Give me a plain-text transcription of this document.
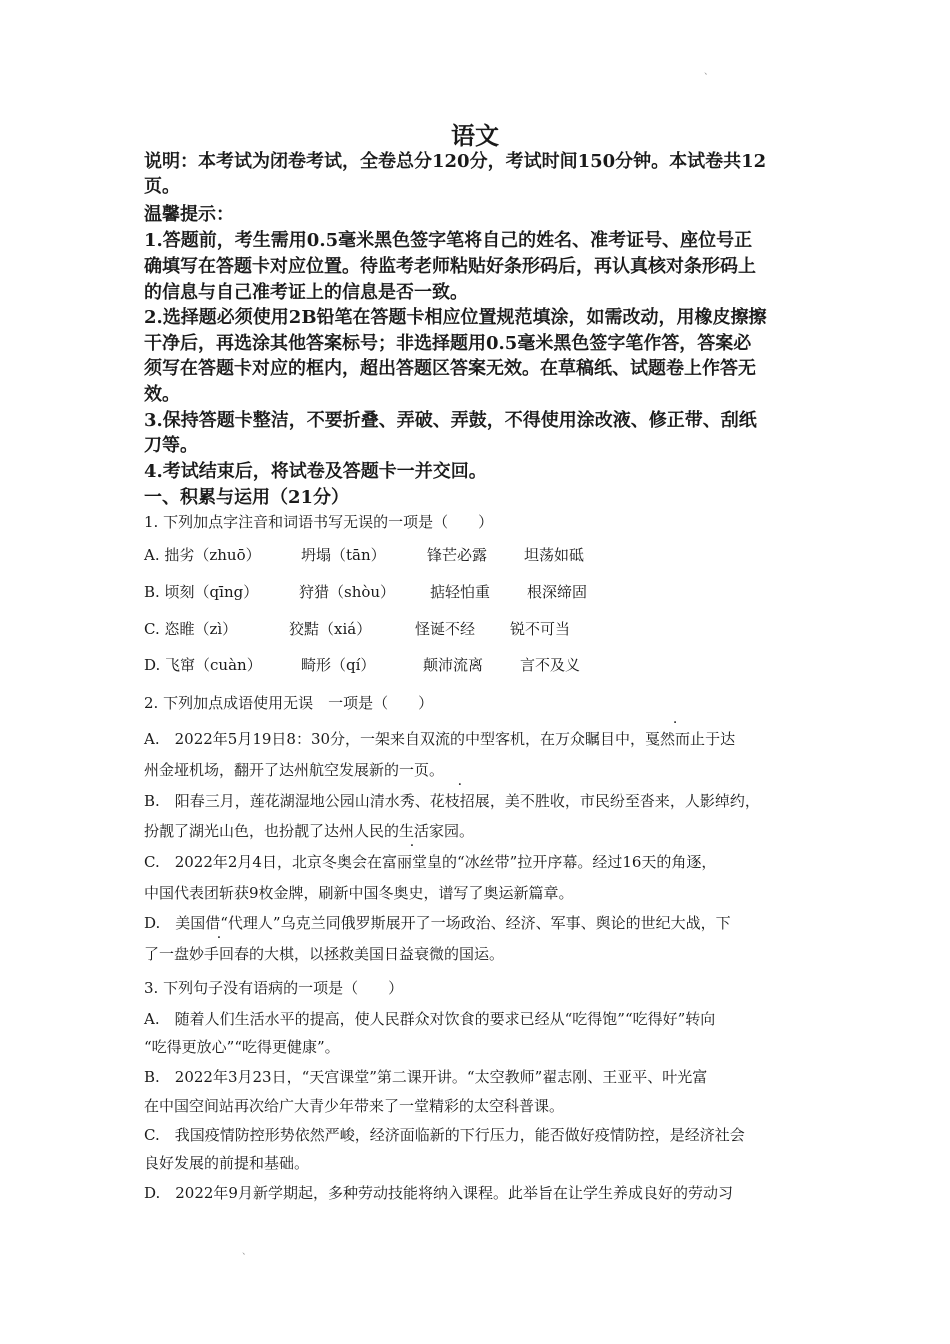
、
语文
说明：本考试为闭卷考试，全卷总分120分，考试时间150分钟。本试卷共12
页。
温馨提示：
1.答题前，考生需用0.5毫米黑色签字笔将自己的姓名、准考证号、座位号正
确填写在答题卡对应位置。待监考老师粘贴好条形码后，再认真核对条形码上
的信息与自己准考证上的信息是否一致。
2.选择题必须使用2B铅笔在答题卡相应位置规范填涂，如需改动，用橡皮擦擦
干净后，再选涂其他答案标号；非选择题用0.5毫米黑色签字笔作答，答案必
须写在答题卡对应的框内，超出答题区答案无效。在草稿纸、试题卷上作答无
效。
3.保持答题卡整洁，不要折叠、弄破、弄鼓，不得使用涂改液、修正带、刮纸
刀等。
4.考试结束后，将试卷及答题卡一并交回。
一、积累与运用（21分）
1. 下列加点字注音和词语书写无误的一项是（　　）
A. 拙劣（zhuō）	坍塌（tān）	锋芒必露 坦荡如砥
B. 顷刻（qīng）	狩猎（shòu） 掂轻怕重 根深缔固
C. 恣睢（zì）	狡黠（xiá）	怪诞不经 锐不可当
D. 飞窜（cuàn）	畸形（qí）	颠沛流离 言不及义
2. 下列加点成语使用无误　一项是（　　）
A.　2022年5月19日8：30分，一架来自双流的中型客机，在万众瞩目中，戛然而止于达
州金垭机场，翻开了达州航空发展新的一页。
B.　阳春三月，莲花湖湿地公园山清水秀、花枝招展，美不胜收，市民纷至沓来，人影绰约，
扮靓了湖光山色，也扮靓了达州人民的生活家园。
C.　2022年2月4日，北京冬奥会在富丽堂皇的“冰丝带”拉开序幕。经过16天的角逐，
中国代表团斩获9枚金牌，刷新中国冬奥史，谱写了奥运新篇章。
D.　美国借“代理人”乌克兰同俄罗斯展开了一场政治、经济、军事、舆论的世纪大战，下
了一盘妙手回春的大棋，以拯救美国日益衰微的国运。
3. 下列句子没有语病的一项是（　　）
A.　随着人们生活水平的提高，使人民群众对饮食的要求已经从“吃得饱”“吃得好”转向
“吃得更放心”“吃得更健康”。
B.　2022年3月23日，“天宫课堂”第二课开讲。“太空教师”翟志刚、王亚平、叶光富
在中国空间站再次给广大青少年带来了一堂精彩的太空科普课。
C.　我国疫情防控形势依然严峻，经济面临新的下行压力，能否做好疫情防控，是经济社会
良好发展的前提和基础。
D.　2022年9月新学期起，多种劳动技能将纳入课程。此举旨在让学生养成良好的劳动习
、
